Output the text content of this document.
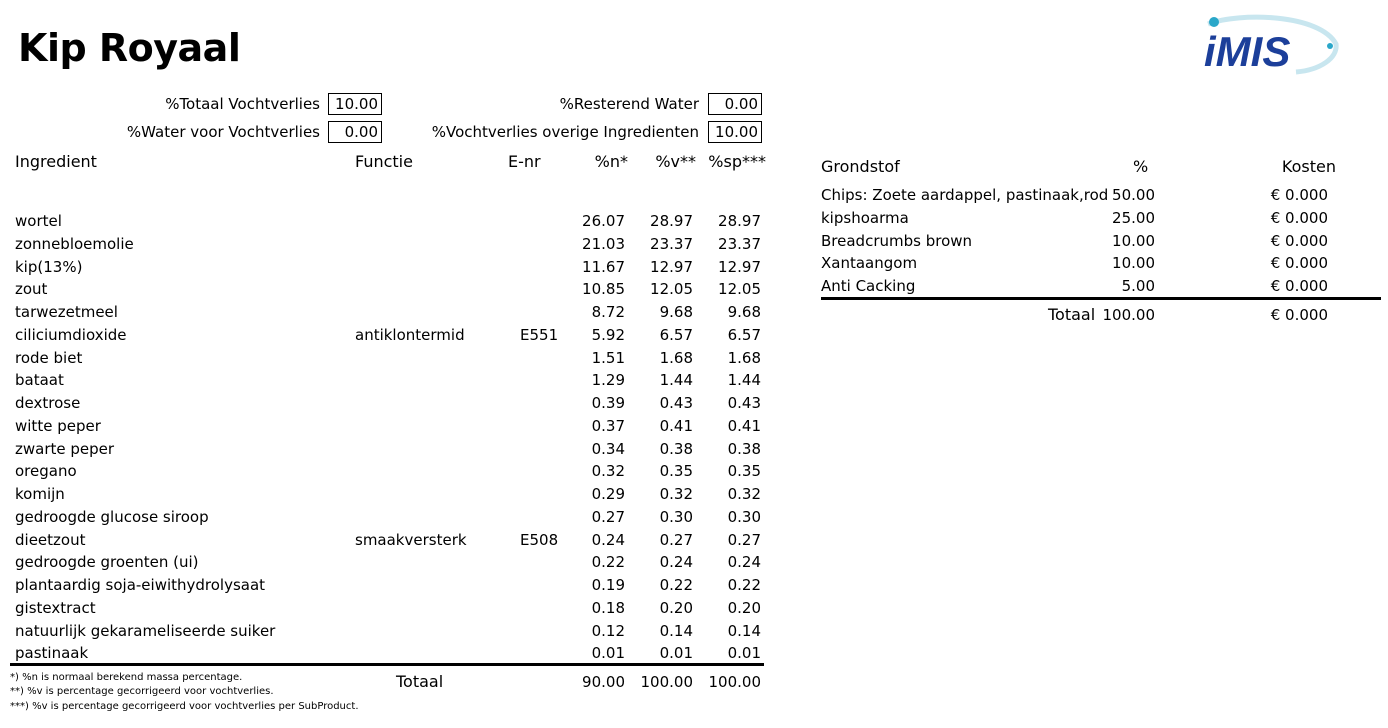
Kip Royaal	iMIS
%Totaal Vochtverlies	10.00
%Water voor Vochtverlies	0.00
%Resterend Water	0.00
%Vochtverlies overige Ingredienten	10.00
Ingredient	Functie	E-nr	%n* %v** %sp***
wortel	26.07 28.97 28.97
zonnebloemolie	21.03 23.37 23.37
kip(13%)	11.67 12.97 12.97
zout	10.85 12.05 12.05
tarwezetmeel	8.72 9.68 9.68
ciliciumdioxide	antiklontermid	E551 5.92 6.57 6.57
rode biet	1.51 1.68 1.68
bataat	1.29 1.44 1.44
dextrose	0.39 0.43 0.43
witte peper	0.37 0.41 0.41
zwarte peper	0.34 0.38 0.38
oregano	0.32 0.35 0.35
komijn	0.29 0.32 0.32
gedroogde glucose siroop	0.27 0.30 0.30
dieetzout	smaakversterk	E508 0.24 0.27 0.27
gedroogde groenten (ui)	0.22 0.24 0.24
plantaardig soja-eiwithydrolysaat	0.19 0.22 0.22
gistextract	0.18 0.20 0.20
natuurlijk gekarameliseerde suiker	0.12 0.14 0.14
pastinaak	0.01 0.01 0.01
Totaal	90.00 100.00 100.00
*) %n is normaal berekend massa percentage.
**) %v is percentage gecorrigeerd voor vochtverlies.
***) %v is percentage gecorrigeerd voor vochtverlies per SubProduct.
Grondstof	%	Kosten
Chips: Zoete aardappel, pastinaak,rod 50.00	€ 0.000
kipshoarma	25.00	€ 0.000
Breadcrumbs brown	10.00	€ 0.000
Xantaangom	10.00	€ 0.000
Anti Cacking	5.00	€ 0.000
Totaal 100.00	€ 0.000
